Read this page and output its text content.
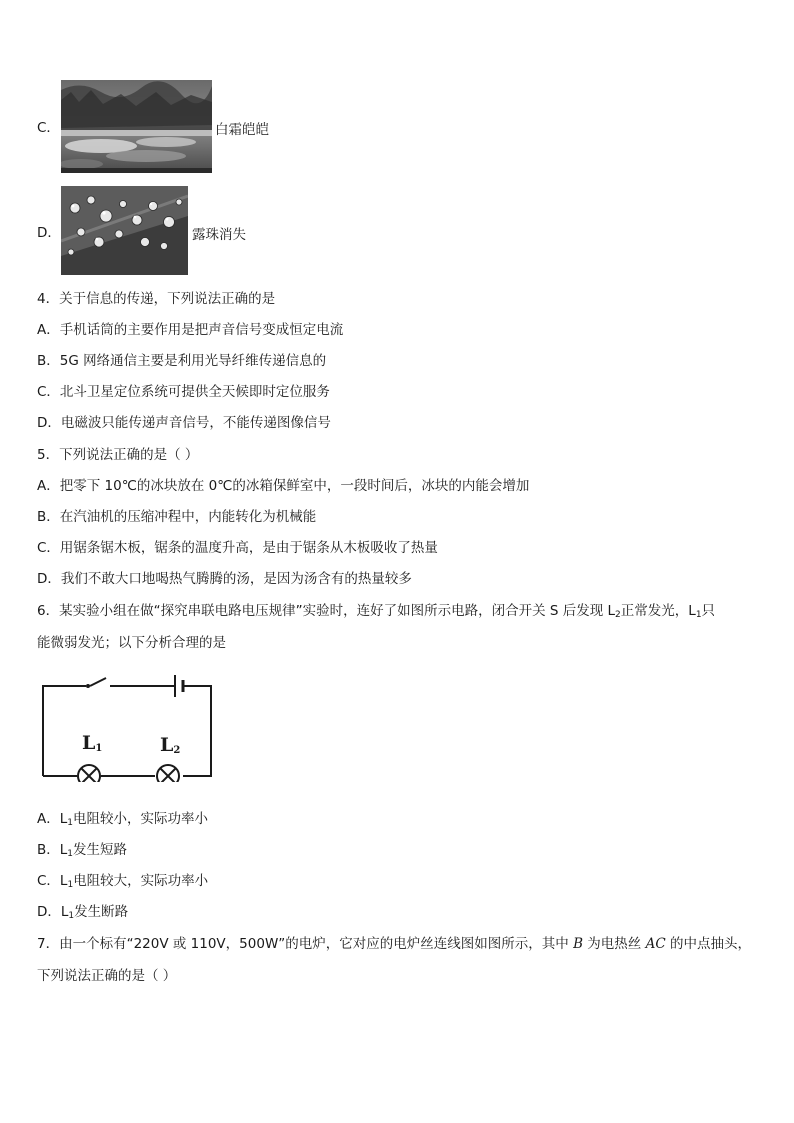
C．	白霜皑皑
D．	露珠消失
4．关于信息的传递，下列说法正确的是
A．手机话筒的主要作用是把声音信号变成恒定电流
B．5G 网络通信主要是利用光导纤维传递信息的
C．北斗卫星定位系统可提供全天候即时定位服务
D．电磁波只能传递声音信号，不能传递图像信号
5．下列说法正确的是（ ）
A．把零下 10℃的冰块放在 0℃的冰箱保鲜室中，一段时间后，冰块的内能会增加
B．在汽油机的压缩冲程中，内能转化为机械能
C．用锯条锯木板，锯条的温度升高，是由于锯条从木板吸收了热量
D．我们不敢大口地喝热气腾腾的汤，是因为汤含有的热量较多
6．某实验小组在做“探究串联电路电压规律”实验时，连好了如图所示电路，闭合开关 S 后发现 $L_2$正常发光，$L_1$只
能微弱发光；以下分析合理的是
$L_1$	$L_2$
A．$L_1$电阻较小，实际功率小
B．$L_1$发生短路
C．$L_1$电阻较大，实际功率小
D．$L_1$发生断路
7．由一个标有“220V 或 110V，500W”的电炉，它对应的电炉丝连线图如图所示，其中 B 为电热丝 AC 的中点抽头，
下列说法正确的是（ ）
